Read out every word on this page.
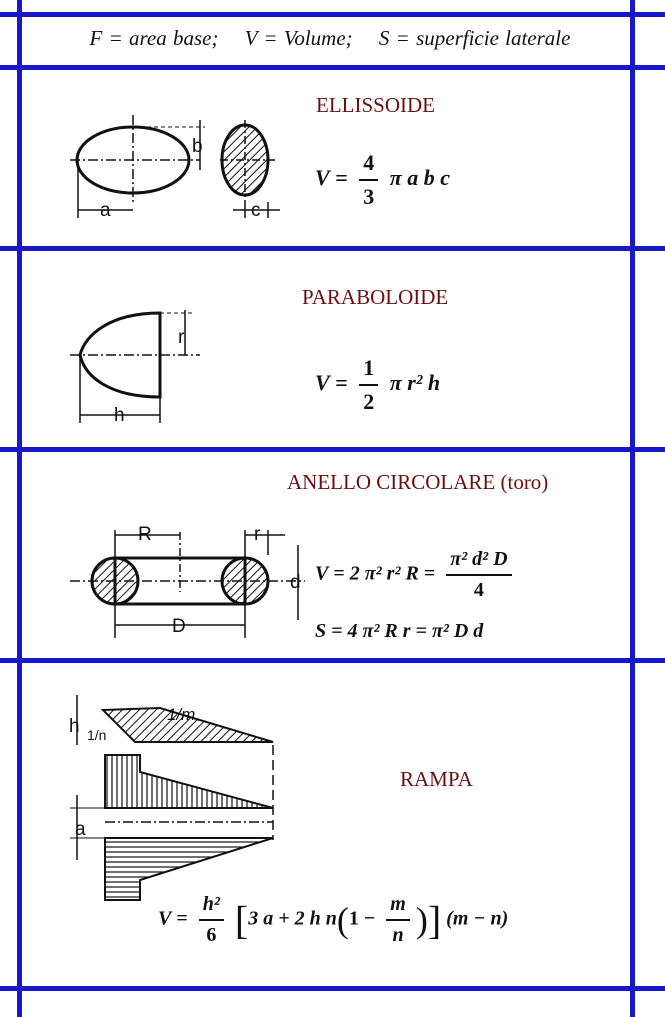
F = area base; V = Volume; S = superficie laterale
ELLISSOIDE
a
b
c
$V = \frac{4}{3}$ π a b c
PARABOLOIDE
r
h
$V = \frac{1}{2}$ π r² h
ANELLO CIRCOLARE (toro)
R	r
d
D
V = 2 π² r² $R = \frac{\text{π² d² D}}{4}$
S = 4 π² R r = π² D d
RAMPA
h 1/n
1/m
a
$V = \frac{\text{h²}}{6} [3$ a + 2 h $n(1 - \frac{m}{n}$ )] (m − n)
